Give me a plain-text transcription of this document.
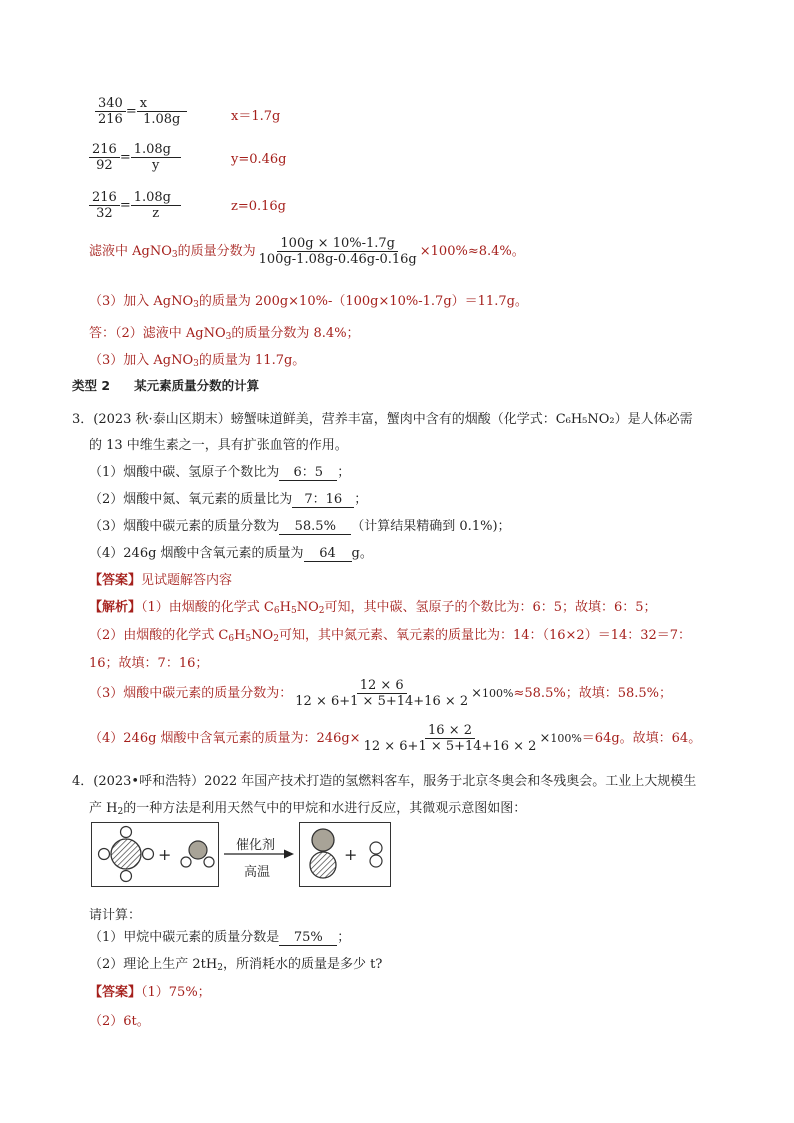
$\frac{340}{216} = \frac{x}{1.08g}$	x＝1.7g
$\frac{216}{92} = \frac{1.08g}{y}$	y=0.46g
$\frac{216}{32} = \frac{1.08g}{z}$	z=0.16g
滤液中 AgNO$_3$的质量分数为 $\frac{100g \times 10\%-1.7g}{100g-1.08g-0.46g-0.16g} \times 100\%\approx 8.4\%$。
（3）加入 AgNO$_3$的质量为 200g×10%-（100g×10%-1.7g）＝11.7g。
答：（2）滤液中 AgNO$_3$的质量分数为 8.4%；
（3）加入 AgNO$_3$的质量为 11.7g。
类型 2 某元素质量分数的计算
3．(2023 秋·泰山区期末）螃蟹味道鲜美，营养丰富，蟹肉中含有的烟酸（化学式：C₆H₅NO₂）是人体必需
的 13 中维生素之一，具有扩张血管的作用。
（1）烟酸中碳、氢原子个数比为 6：5 ；
（2）烟酸中氮、氧元素的质量比为 7：16 ；
（3）烟酸中碳元素的质量分数为 58.5% （计算结果精确到 0.1%)；
（4）246g 烟酸中含氧元素的质量为 64 g。
【答案】见试题解答内容
【解析】（1）由烟酸的化学式 $C_6H_5NO_2$可知，其中碳、氢原子的个数比为：6：5；故填：6：5；
（2）由烟酸的化学式 $C_6H_5NO_2$可知，其中氮元素、氧元素的质量比为：14：（16×2）＝14：32＝7：
16；故填：7：16；
（3）烟酸中碳元素的质量分数为： $\frac{12 \times 6}{12 \times 6+1 \times 5+14+16 \times 2} \times 100\%\approx 58.5\%$；故填：58.5%；
（4）246g 烟酸中含氧元素的质量为：$246g\times \frac{16 \times 2}{12 \times 6+1 \times 5+14+16 \times 2} \times 100\%=64g$。故填：64。
4．(2023•呼和浩特）2022 年国产技术打造的氢燃料客车，服务于北京冬奥会和冬残奥会。工业上大规模生
产 $H_2$的一种方法是利用天然气中的甲烷和水进行反应，其微观示意图如图：
+	催化剂
高温
+
请计算：
（1）甲烷中碳元素的质量分数是 75% ；
（2）理论上生产 $2tH_2$，所消耗水的质量是多少 t?
【答案】（1）75%；
（2）6t。
